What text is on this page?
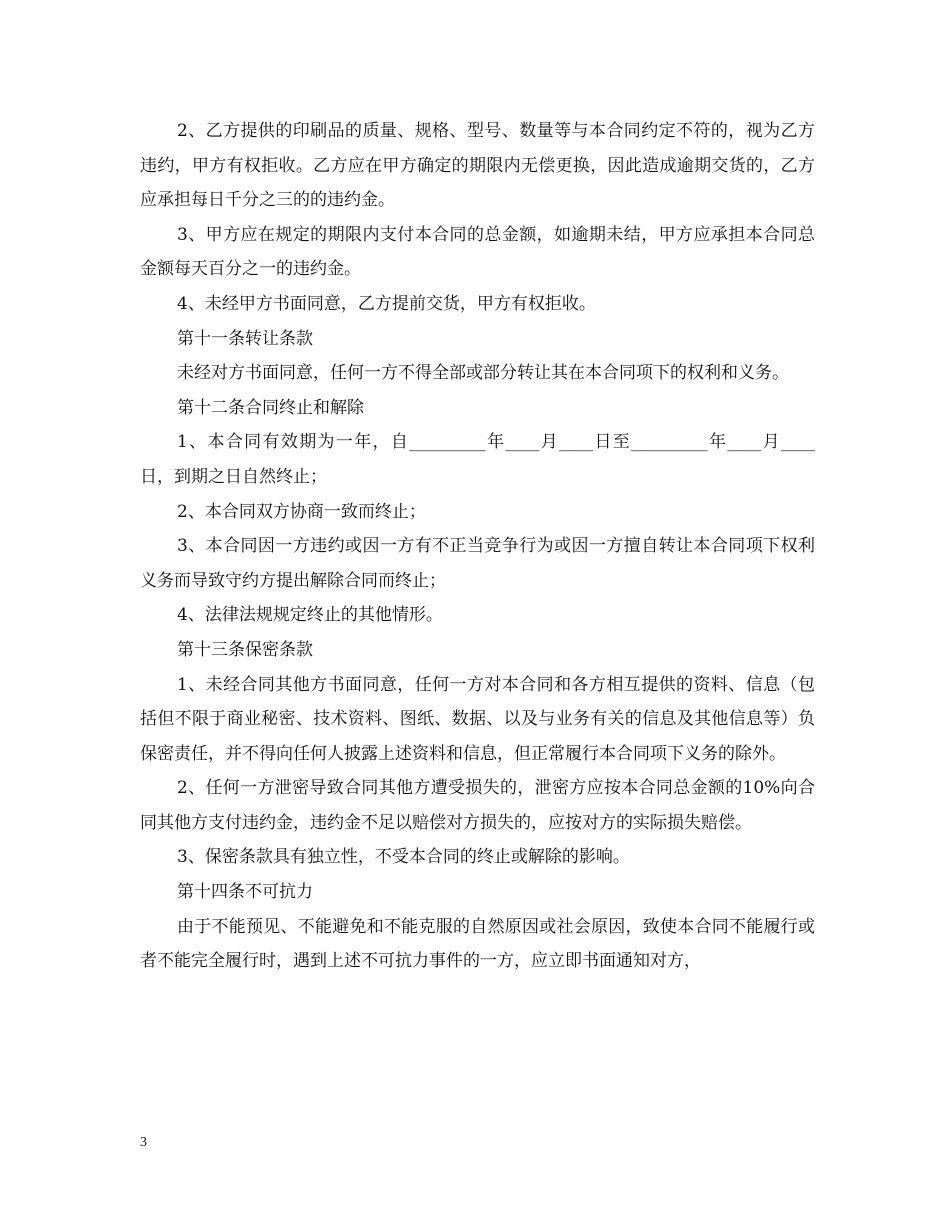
2、乙方提供的印刷品的质量、规格、型号、数量等与本合同约定不符的，视为乙方违约，甲方有权拒收。乙方应在甲方确定的期限内无偿更换，因此造成逾期交货的，乙方应承担每日千分之三的的违约金。

3、甲方应在规定的期限内支付本合同的总金额，如逾期未结，甲方应承担本合同总金额每天百分之一的违约金。

4、未经甲方书面同意，乙方提前交货，甲方有权拒收。

第十一条转让条款

未经对方书面同意，任何一方不得全部或部分转让其在本合同项下的权利和义务。

第十二条合同终止和解除

1、本合同有效期为一年，自_________年____月____日至_________年____月____日，到期之日自然终止；

2、本合同双方协商一致而终止；

3、本合同因一方违约或因一方有不正当竞争行为或因一方擅自转让本合同项下权利义务而导致守约方提出解除合同而终止；

4、法律法规规定终止的其他情形。

第十三条保密条款

1、未经合同其他方书面同意，任何一方对本合同和各方相互提供的资料、信息（包括但不限于商业秘密、技术资料、图纸、数据、以及与业务有关的信息及其他信息等）负保密责任，并不得向任何人披露上述资料和信息，但正常履行本合同项下义务的除外。

2、任何一方泄密导致合同其他方遭受损失的，泄密方应按本合同总金额的10%向合同其他方支付违约金，违约金不足以赔偿对方损失的，应按对方的实际损失赔偿。

3、保密条款具有独立性，不受本合同的终止或解除的影响。

第十四条不可抗力

由于不能预见、不能避免和不能克服的自然原因或社会原因，致使本合同不能履行或者不能完全履行时，遇到上述不可抗力事件的一方，应立即书面通知对方，

3
